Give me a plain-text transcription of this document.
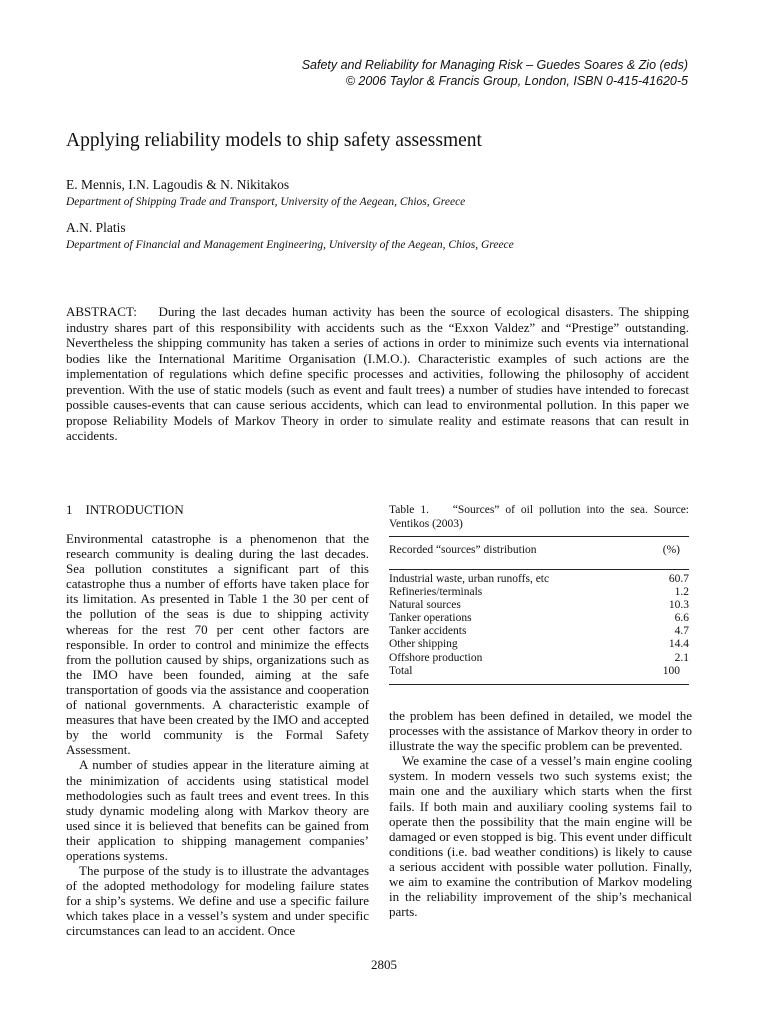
Safety and Reliability for Managing Risk – Guedes Soares & Zio (eds)
© 2006 Taylor & Francis Group, London, ISBN 0-415-41620-5
Applying reliability models to ship safety assessment
E. Mennis, I.N. Lagoudis & N. Nikitakos
Department of Shipping Trade and Transport, University of the Aegean, Chios, Greece
A.N. Platis
Department of Financial and Management Engineering, University of the Aegean, Chios, Greece
ABSTRACT:    During the last decades human activity has been the source of ecological disasters. The shipping industry shares part of this responsibility with accidents such as the “Exxon Valdez” and “Prestige” outstanding. Nevertheless the shipping community has taken a series of actions in order to minimize such events via international bodies like the International Maritime Organisation (I.M.O.). Characteristic examples of such actions are the implementation of regulations which define specific processes and activities, following the philosophy of accident prevention. With the use of static models (such as event and fault trees) a number of studies have intended to forecast possible causes-events that can cause serious accidents, which can lead to environmental pollution. In this paper we propose Reliability Models of Markov Theory in order to simulate reality and estimate reasons that can result in accidents.
1    INTRODUCTION

Environmental catastrophe is a phenomenon that the research community is dealing during the last decades. Sea pollution constitutes a significant part of this catastrophe thus a number of efforts have taken place for its limitation. As presented in Table 1 the 30 per cent of the pollution of the seas is due to shipping activity whereas for the rest 70 per cent other factors are responsible. In order to control and minimize the effects from the pollution caused by ships, organizations such as the IMO have been founded, aiming at the safe transportation of goods via the assistance and cooperation of national governments. A characteristic example of measures that have been created by the IMO and accepted by the world community is the Formal Safety Assessment.

A number of studies appear in the literature aiming at the minimization of accidents using statistical model methodologies such as fault trees and event trees. In this study dynamic modeling along with Markov theory are used since it is believed that benefits can be gained from their application to shipping management companies’ operations systems.

The purpose of the study is to illustrate the advantages of the adopted methodology for modeling failure states for a ship’s systems. We define and use a specific failure which takes place in a vessel’s system and under specific circumstances can lead to an accident. Once

Table 1.    “Sources” of oil pollution into the sea. Source: Ventikos (2003)
Recorded “sources” distribution	(%)
Industrial waste, urban runoffs, etc	60.7
Refineries/terminals	1.2
Natural sources	10.3
Tanker operations	6.6
Tanker accidents	4.7
Other shipping	14.4
Offshore production	2.1
Total	100

the problem has been defined in detailed, we model the processes with the assistance of Markov theory in order to illustrate the way the specific problem can be prevented.

We examine the case of a vessel’s main engine cooling system. In modern vessels two such systems exist; the main one and the auxiliary which starts when the first fails. If both main and auxiliary cooling systems fail to operate then the possibility that the main engine will be damaged or even stopped is big. This event under difficult conditions (i.e. bad weather conditions) is likely to cause a serious accident with possible water pollution. Finally, we aim to examine the contribution of Markov modeling in the reliability improvement of the ship’s mechanical parts.

2805
